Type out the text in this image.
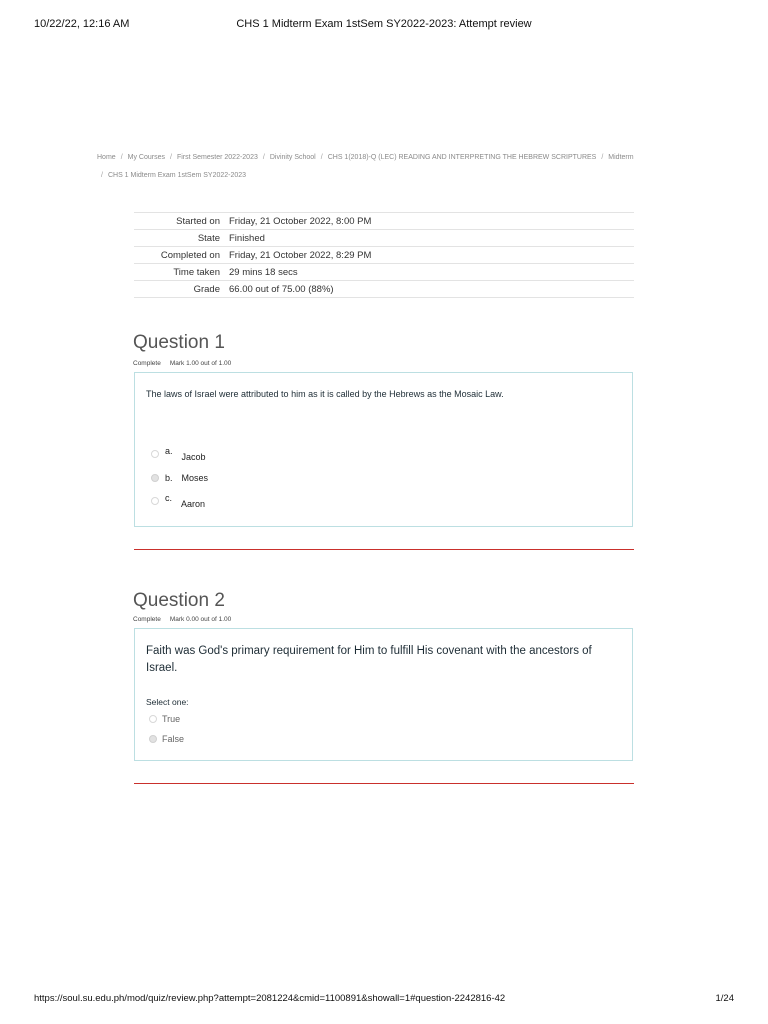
10/22/22, 12:16 AM	CHS 1 Midterm Exam 1stSem SY2022-2023: Attempt review
Home / My Courses / First Semester 2022-2023 / Divinity School / CHS 1(2018)-Q (LEC) READING AND INTERPRETING THE HEBREW SCRIPTURES / Midterm
/ CHS 1 Midterm Exam 1stSem SY2022-2023
Started on	Friday, 21 October 2022, 8:00 PM
State	Finished
Completed on	Friday, 21 October 2022, 8:29 PM
Time taken	29 mins 18 secs
Grade	66.00 out of 75.00 (88%)
Question 1
Complete Mark 1.00 out of 1.00
The laws of Israel were attributed to him as it is called by the Hebrews as the Mosaic Law.
a.
Jacob
b. Moses
c.
Aaron
Question 2
Complete Mark 0.00 out of 1.00
Faith was God's primary requirement for Him to fulfill His covenant with the ancestors of Israel.
Select one:
True
False
https://soul.su.edu.ph/mod/quiz/review.php?attempt=2081224&cmid=1100891&showall=1#question-2242816-42	1/24
